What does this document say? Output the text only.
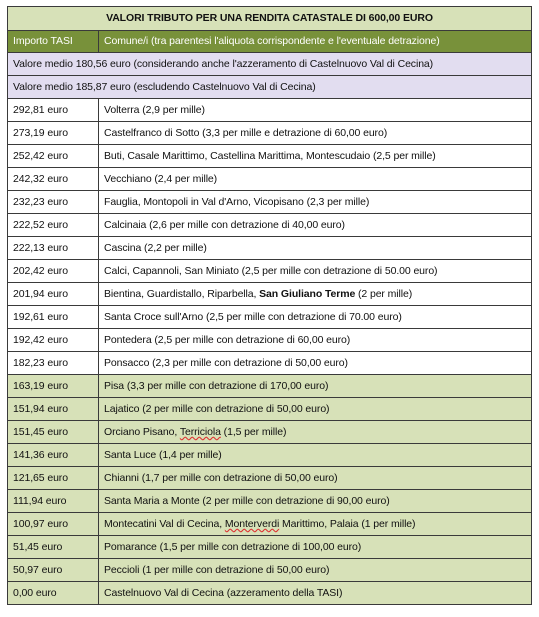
VALORI TRIBUTO PER UNA RENDITA CATASTALE DI 600,00 EURO	
Importo TASI	Comune/i (tra parentesi l'aliquota corrispondente e l'eventuale detrazione)
Valore medio 180,56 euro (considerando anche l'azzeramento di Castelnuovo Val di Cecina)	
Valore medio 185,87 euro (escludendo Castelnuovo Val di Cecina)	
292,81 euro	Volterra (2,9 per mille)
273,19 euro	Castelfranco di Sotto (3,3 per mille e detrazione di 60,00 euro)
252,42 euro	Buti, Casale Marittimo, Castellina Marittima, Montescudaio (2,5 per mille)
242,32 euro	Vecchiano (2,4 per mille)
232,23 euro	Fauglia, Montopoli in Val d'Arno, Vicopisano (2,3 per mille)
222,52 euro	Calcinaia (2,6 per mille con detrazione di 40,00 euro)
222,13 euro	Cascina (2,2 per mille)
202,42 euro	Calci, Capannoli, San Miniato (2,5 per mille con detrazione di 50.00 euro)
201,94 euro	Bientina, Guardistallo, Riparbella, San Giuliano Terme (2 per mille)
192,61 euro	Santa Croce sull'Arno (2,5 per mille con detrazione di 70.00 euro)
192,42 euro	Pontedera (2,5 per mille con detrazione di 60,00 euro)
182,23 euro	Ponsacco (2,3 per mille con detrazione di 50,00 euro)
163,19 euro	Pisa (3,3 per mille con detrazione di 170,00 euro)
151,94 euro	Lajatico (2 per mille con detrazione di 50,00 euro)
151,45 euro	Orciano Pisano, Terriciola (1,5 per mille)
141,36 euro	Santa Luce (1,4 per mille)
121,65 euro	Chianni (1,7 per mille con detrazione di 50,00 euro)
111,94 euro	Santa Maria a Monte (2 per mille con detrazione di 90,00 euro)
100,97 euro	Montecatini Val di Cecina, Monterverdi Marittimo, Palaia (1 per mille)
51,45 euro	Pomarance (1,5 per mille con detrazione di 100,00 euro)
50,97 euro	Peccioli (1 per mille con detrazione di 50,00 euro)
0,00 euro	Castelnuovo Val di Cecina (azzeramento della TASI)
